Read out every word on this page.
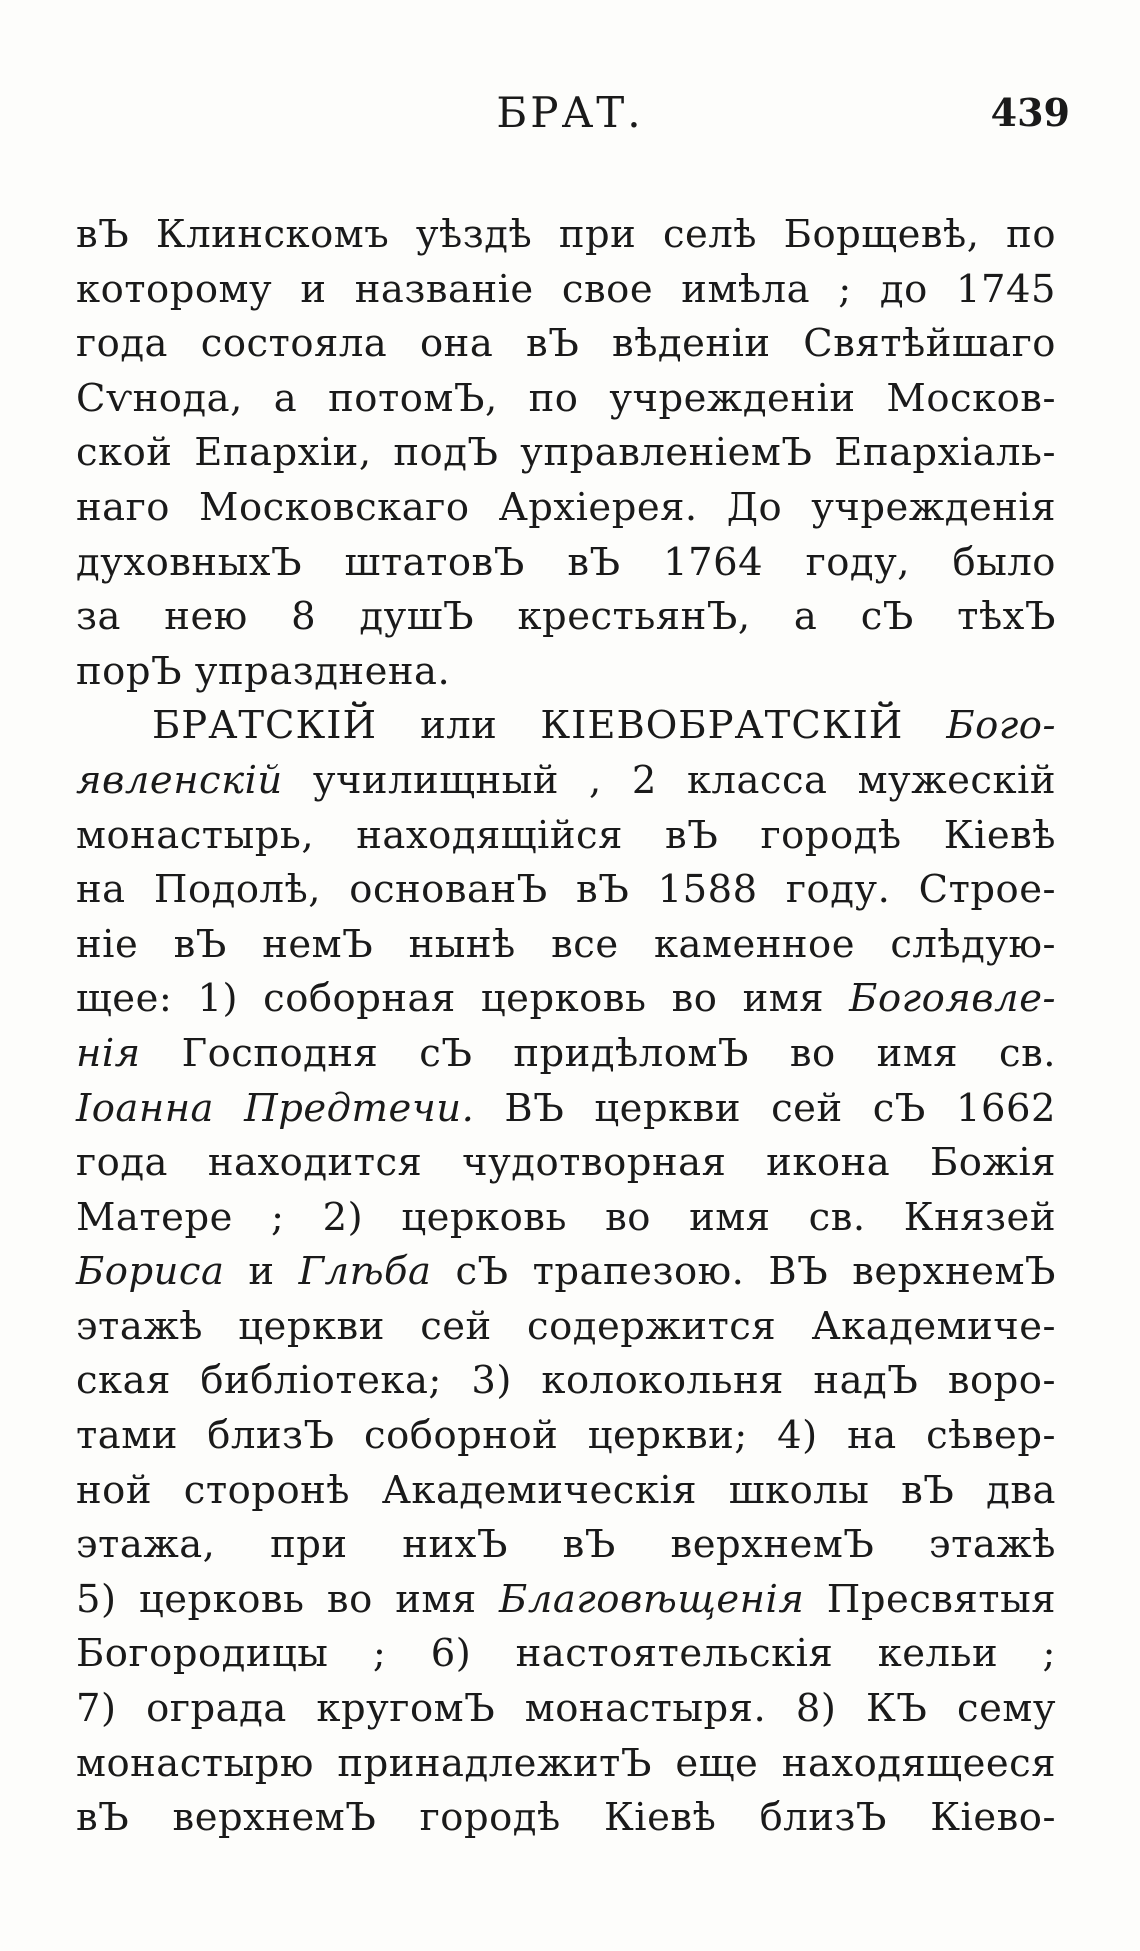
БРАТ.	439
вЪ Клинскомъ уѣздѣ при селѣ Борщевѣ, по
которому и названіе свое имѣла ; до 1745
года состояла она вЪ вѣденіи Святѣйшаго
Сѵнода, а потомЪ, по учрежденіи Москов-
ской Епархіи, подЪ управленіемЪ Епархіаль-
наго Московскаго Архіерея. До учрежденія
духовныхЪ штатовЪ вЪ 1764 году, было
за нею 8 душЪ крестьянЪ, а сЪ тѣхЪ
порЪ упразднена.
БРАТСКІЙ или КІЕВОБРАТСКІЙ Бого-
явленскій училищный , 2 класса мужескій
монастырь, находящійся вЪ городѣ Кіевѣ
на Подолѣ, основанЪ вЪ 1588 году. Строе-
ніе вЪ немЪ нынѣ все каменное слѣдую-
щее: 1) соборная церковь во имя Богоявле-
нія Господня сЪ придѣломЪ во имя св.
Іоанна Предтечи. ВЪ церкви сей сЪ 1662
года находится чудотворная икона Божія
Матере ; 2) церковь во имя св. Князей
Бориса и Глѣба сЪ трапезою. ВЪ верхнемЪ
этажѣ церкви сей содержится Академиче-
ская библіотека; 3) колокольня надЪ воро-
тами близЪ соборной церкви; 4) на сѣвер-
ной сторонѣ Академическія школы вЪ два
этажа, при нихЪ вЪ верхнемЪ этажѣ
5) церковь во имя Благовѣщенія Пресвятыя
Богородицы ; 6) настоятельскія кельи ;
7) ограда кругомЪ монастыря. 8) КЪ сему
монастырю принадлежитЪ еще находящееся
вЪ верхнемЪ городѣ Кіевѣ близЪ Кіево-
